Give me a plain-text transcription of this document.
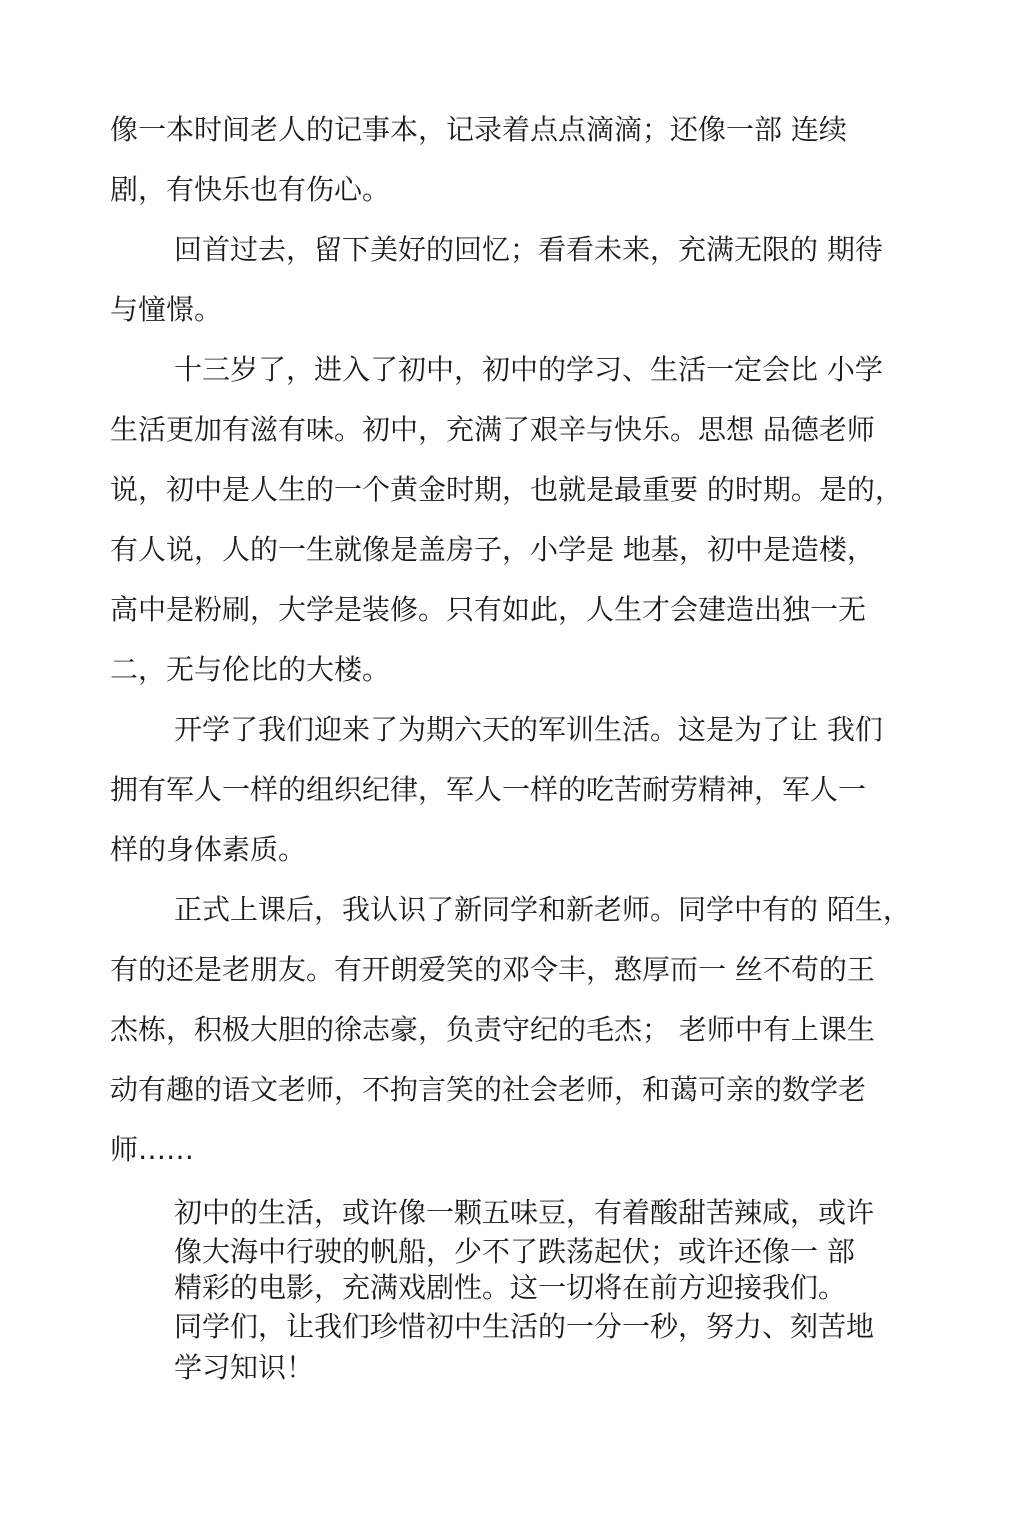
像一本时间老人的记事本，记录着点点滴滴；还像一部 连续
剧，有快乐也有伤心。
回首过去，留下美好的回忆；看看未来，充满无限的 期待
与憧憬。
十三岁了，进入了初中，初中的学习、生活一定会比 小学
生活更加有滋有味。初中，充满了艰辛与快乐。思想 品德老师
说，初中是人生的一个黄金时期，也就是最重要 的时期。是的，
有人说，人的一生就像是盖房子，小学是 地基，初中是造楼，
高中是粉刷，大学是装修。只有如此，人生才会建造出独一无
二，无与伦比的大楼。
开学了我们迎来了为期六天的军训生活。这是为了让 我们
拥有军人一样的组织纪律，军人一样的吃苦耐劳精神，军人一
样的身体素质。
正式上课后，我认识了新同学和新老师。同学中有的 陌生，
有的还是老朋友。有开朗爱笑的邓令丰，憨厚而一 丝不苟的王
杰栋，积极大胆的徐志豪，负责守纪的毛杰； 老师中有上课生
动有趣的语文老师，不拘言笑的社会老师，和蔼可亲的数学老
师……
初中的生活，或许像一颗五味豆，有着酸甜苦辣咸，或许
像大海中行驶的帆船，少不了跌荡起伏；或许还像一 部
精彩的电影，充满戏剧性。这一切将在前方迎接我们。
同学们，让我们珍惜初中生活的一分一秒，努力、刻苦地
学习知识！
